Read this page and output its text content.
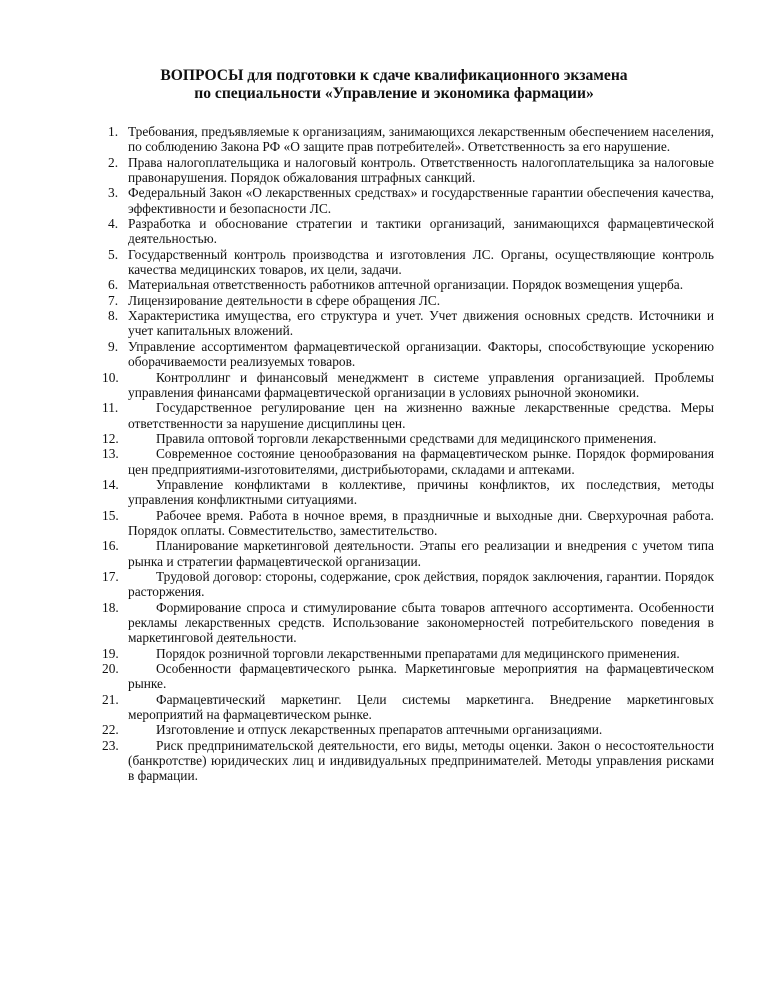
ВОПРОСЫ для подготовки к сдаче квалификационного экзамена
по специальности «Управление и экономика фармации»
1. Требования, предъявляемые к организациям, занимающихся лекарственным обеспечением населения, по соблюдению Закона РФ «О защите прав потребителей». Ответственность за его нарушение.
2. Права налогоплательщика и налоговый контроль. Ответственность налогоплательщика за налоговые правонарушения. Порядок обжалования штрафных санкций.
3. Федеральный Закон «О лекарственных средствах» и государственные гарантии обеспечения качества, эффективности и безопасности ЛС.
4. Разработка и обоснование стратегии и тактики организаций, занимающихся фармацевтической деятельностью.
5. Государственный контроль производства и изготовления ЛС. Органы, осуществляющие контроль качества медицинских товаров, их цели, задачи.
6. Материальная ответственность работников аптечной организации. Порядок возмещения ущерба.
7. Лицензирование деятельности в сфере обращения ЛС.
8. Характеристика имущества, его структура и учет. Учет движения основных средств. Источники и учет капитальных вложений.
9. Управление ассортиментом фармацевтической организации. Факторы, способствующие ускорению оборачиваемости реализуемых товаров.
10.	Контроллинг и финансовый менеджмент в системе управления организацией. Проблемы управления финансами фармацевтической организации в условиях рыночной экономики.
11.	Государственное регулирование цен на жизненно важные лекарственные средства. Меры ответственности за нарушение дисциплины цен.
12.	Правила оптовой торговли лекарственными средствами для медицинского применения.
13.	Современное состояние ценообразования на фармацевтическом рынке. Порядок формирования цен предприятиями-изготовителями, дистрибьюторами, складами и аптеками.
14.	Управление конфликтами в коллективе, причины конфликтов, их последствия, методы управления конфликтными ситуациями.
15.	Рабочее время. Работа в ночное время, в праздничные и выходные дни. Сверхурочная работа. Порядок оплаты. Совместительство, заместительство.
16.	Планирование маркетинговой деятельности. Этапы его реализации и внедрения с учетом типа рынка и стратегии фармацевтической организации.
17.	Трудовой договор: стороны, содержание, срок действия, порядок заключения, гарантии. Порядок расторжения.
18.	Формирование спроса и стимулирование сбыта товаров аптечного ассортимента. Особенности рекламы лекарственных средств. Использование закономерностей потребительского поведения в маркетинговой деятельности.
19.	Порядок розничной торговли лекарственными препаратами для медицинского применения.
20.	Особенности фармацевтического рынка. Маркетинговые мероприятия на фармацевтическом рынке.
21.	Фармацевтический маркетинг. Цели системы маркетинга. Внедрение маркетинговых мероприятий на фармацевтическом рынке.
22.	Изготовление и отпуск лекарственных препаратов аптечными организациями.
23.	Риск предпринимательской деятельности, его виды, методы оценки. Закон о несостоятельности (банкротстве) юридических лиц и индивидуальных предпринимателей. Методы управления рисками в фармации.
